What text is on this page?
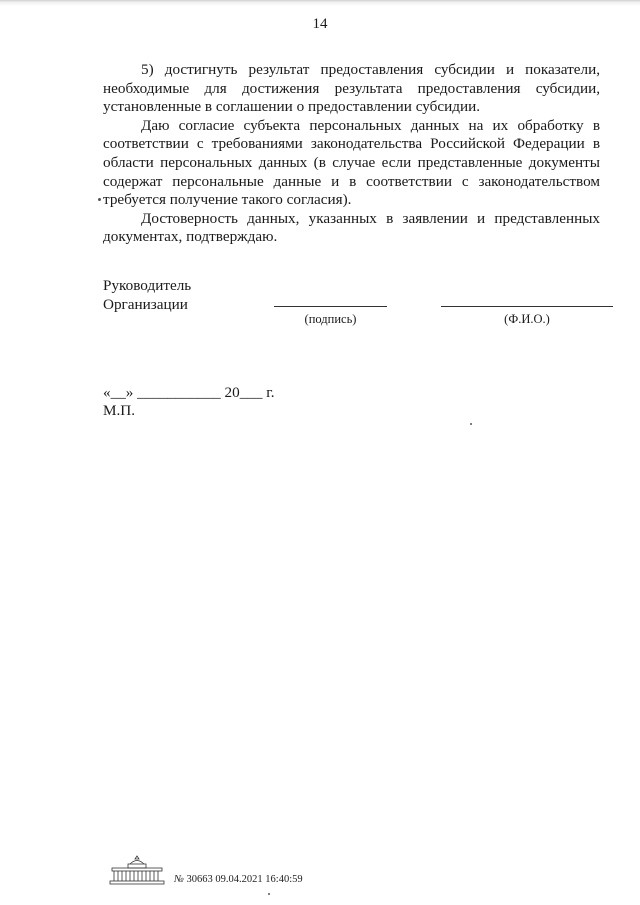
14

5) достигнуть результат предоставления субсидии и показатели, необходимые для достижения результата предоставления субсидии, установленные в соглашении о предоставлении субсидии.

Даю согласие субъекта персональных данных на их обработку в соответствии с требованиями законодательства Российской Федерации в области персональных данных (в случае если представленные документы содержат персональные данные и в соответствии с законодательством требуется получение такого согласия).

Достоверность данных, указанных в заявлении и представленных документах, подтверждаю.

Руководитель
Организации
(подпись)	(Ф.И.О.)
«__» ___________ 20___ г.
М.П.
№ 30663 09.04.2021 16:40:59
